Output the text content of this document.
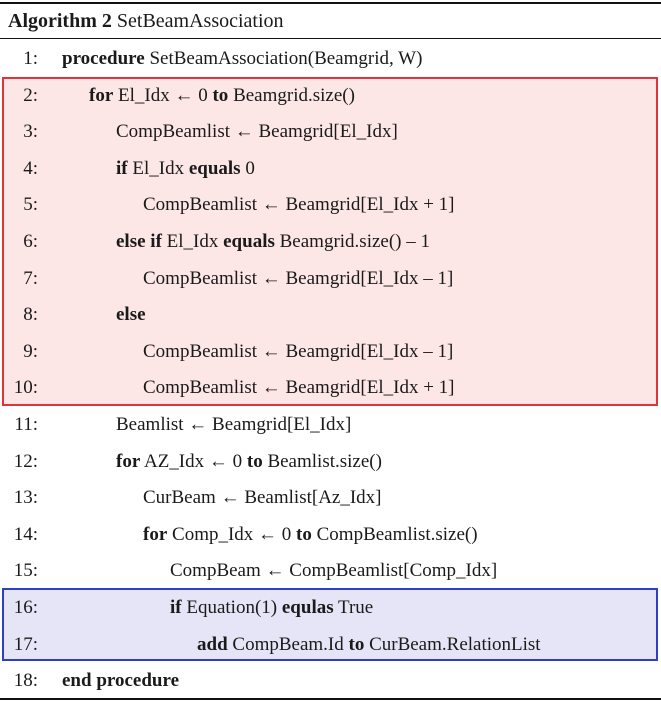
Algorithm 2 SetBeamAssociation
1: procedure SetBeamAssociation(Beamgrid, W)
2:	for El_Idx ← 0 to Beamgrid.size()
3:	CompBeamlist ← Beamgrid[El_Idx]
4:	if El_Idx equals 0
5:	CompBeamlist ← Beamgrid[El_Idx + 1]
6:	else if El_Idx equals Beamgrid.size() – 1
7:	CompBeamlist ← Beamgrid[El_Idx – 1]
8:	else
9:	CompBeamlist ← Beamgrid[El_Idx – 1]
10:	CompBeamlist ← Beamgrid[El_Idx + 1]
11:	Beamlist ← Beamgrid[El_Idx]
12:	for AZ_Idx ← 0 to Beamlist.size()
13:	CurBeam ← Beamlist[Az_Idx]
14:	for Comp_Idx ← 0 to CompBeamlist.size()
15:	CompBeam ← CompBeamlist[Comp_Idx]
16:	if Equation(1) equlas True
17:	add CompBeam.Id to CurBeam.RelationList
18: end procedure
